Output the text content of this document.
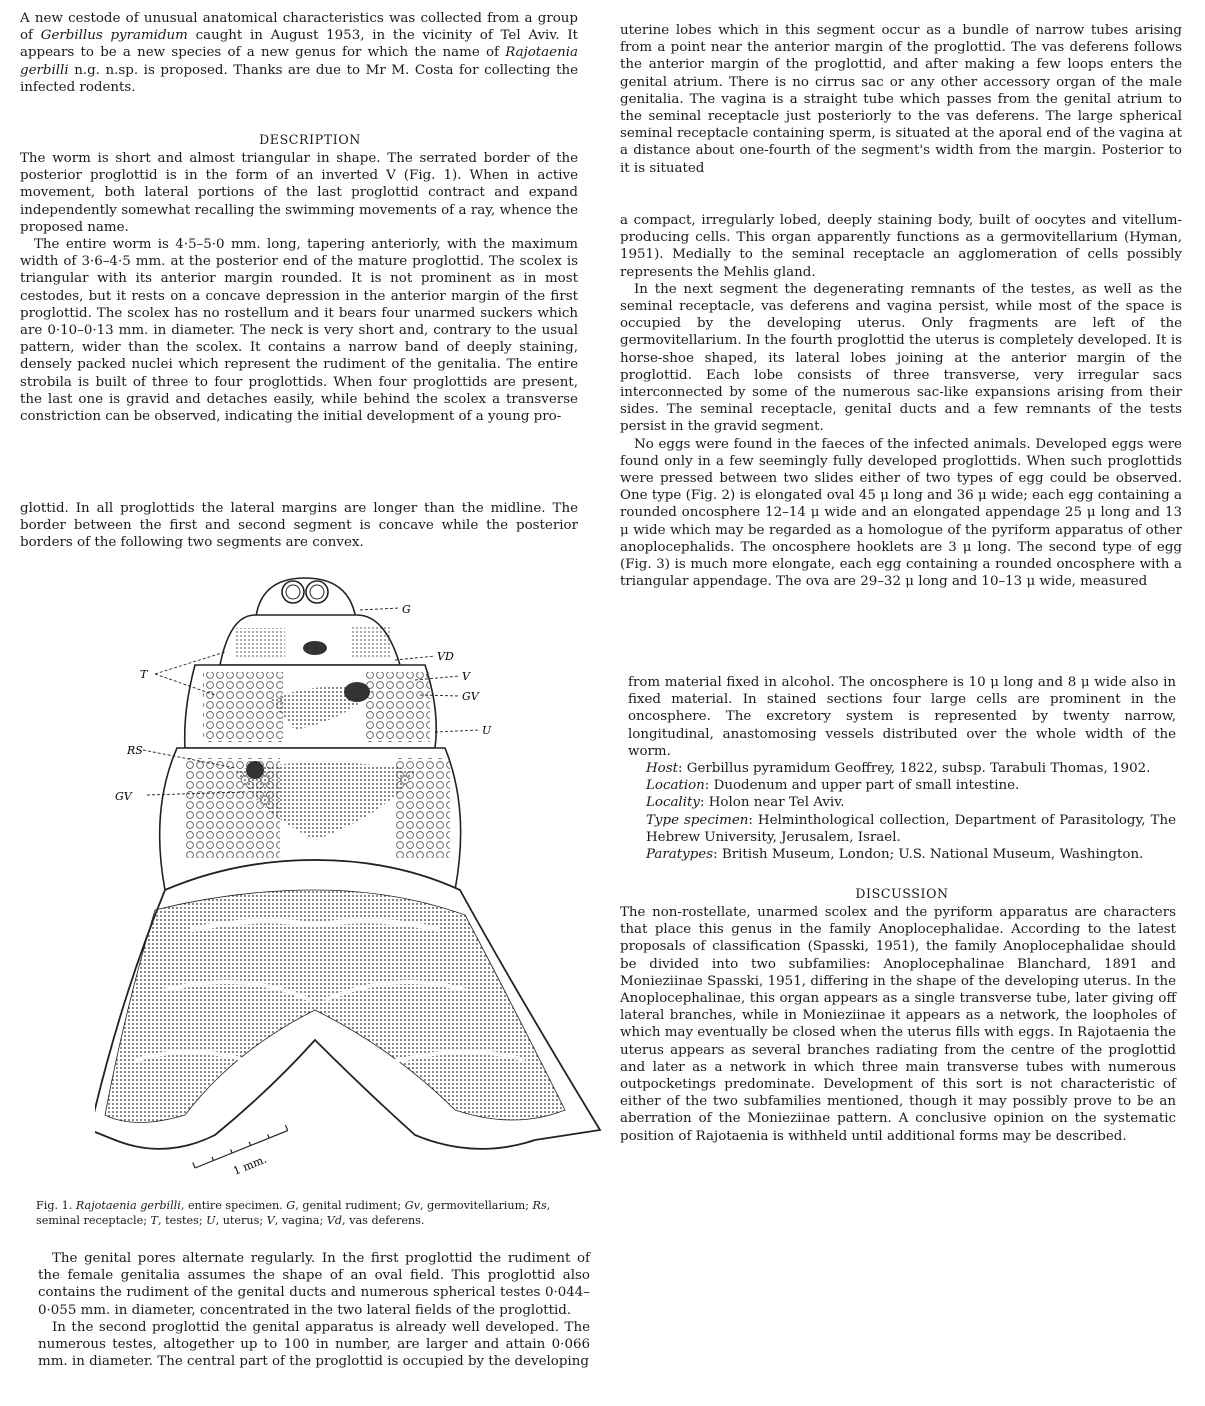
A new cestode of unusual anatomical characteristics was collected from a group of Gerbillus pyramidum caught in August 1953, in the vicinity of Tel Aviv. It appears to be a new species of a new genus for which the name of Rajotaenia gerbilli n.g. n.sp. is proposed. Thanks are due to Mr M. Costa for collecting the infected rodents.

DESCRIPTION

The worm is short and almost triangular in shape. The serrated border of the posterior proglottid is in the form of an inverted V (Fig. 1). When in active movement, both lateral portions of the last proglottid contract and expand independently somewhat recalling the swimming movements of a ray, whence the proposed name.

The entire worm is 4·5–5·0 mm. long, tapering anteriorly, with the maximum width of 3·6–4·5 mm. at the posterior end of the mature proglottid. The scolex is triangular with its anterior margin rounded. It is not prominent as in most cestodes, but it rests on a concave depression in the anterior margin of the first proglottid. The scolex has no rostellum and it bears four unarmed suckers which are 0·10–0·13 mm. in diameter. The neck is very short and, contrary to the usual pattern, wider than the scolex. It contains a narrow band of deeply staining, densely packed nuclei which represent the rudiment of the genitalia. The entire strobila is built of three to four proglottids. When four proglottids are present, the last one is gravid and detaches easily, while behind the scolex a transverse constriction can be observed, indicating the initial development of a young pro-

glottid. In all proglottids the lateral margins are longer than the midline. The border between the first and second segment is concave while the posterior borders of the following two segments are convex.
G
VD
T	V
GV
U
RS
GV
1 mm.
Fig. 1. Rajotaenia gerbilli, entire specimen. G, genital rudiment; Gv, germovitellarium; Rs, seminal receptacle; T, testes; U, uterus; V, vagina; Vd, vas deferens.

The genital pores alternate regularly. In the first proglottid the rudiment of the female genitalia assumes the shape of an oval field. This proglottid also contains the rudiment of the genital ducts and numerous spherical testes 0·044–0·055 mm. in diameter, concentrated in the two lateral fields of the proglottid.

In the second proglottid the genital apparatus is already well developed. The numerous testes, altogether up to 100 in number, are larger and attain 0·066 mm. in diameter. The central part of the proglottid is occupied by the developing

uterine lobes which in this segment occur as a bundle of narrow tubes arising from a point near the anterior margin of the proglottid. The vas deferens follows the anterior margin of the proglottid, and after making a few loops enters the genital atrium. There is no cirrus sac or any other accessory organ of the male genitalia. The vagina is a straight tube which passes from the genital atrium to the seminal receptacle just posteriorly to the vas deferens. The large spherical seminal receptacle containing sperm, is situated at the aporal end of the vagina at a distance about one-fourth of the segment's width from the margin. Posterior to it is situated

a compact, irregularly lobed, deeply staining body, built of oocytes and vitellum-producing cells. This organ apparently functions as a germovitellarium (Hyman, 1951). Medially to the seminal receptacle an agglomeration of cells possibly represents the Mehlis gland.

In the next segment the degenerating remnants of the testes, as well as the seminal receptacle, vas deferens and vagina persist, while most of the space is occupied by the developing uterus. Only fragments are left of the germovitellarium. In the fourth proglottid the uterus is completely developed. It is horse-shoe shaped, its lateral lobes joining at the anterior margin of the proglottid. Each lobe consists of three transverse, very irregular sacs interconnected by some of the numerous sac-like expansions arising from their sides. The seminal receptacle, genital ducts and a few remnants of the tests persist in the gravid segment.

No eggs were found in the faeces of the infected animals. Developed eggs were found only in a few seemingly fully developed proglottids. When such proglottids were pressed between two slides either of two types of egg could be observed. One type (Fig. 2) is elongated oval 45 μ long and 36 μ wide; each egg containing a rounded oncosphere 12–14 μ wide and an elongated appendage 25 μ long and 13 μ wide which may be regarded as a homologue of the pyriform apparatus of other anoplocephalids. The oncosphere hooklets are 3 μ long. The second type of egg (Fig. 3) is much more elongate, each egg containing a rounded oncosphere with a triangular appendage. The ova are 29–32 μ long and 10–13 μ wide, measured

from material fixed in alcohol. The oncosphere is 10 μ long and 8 μ wide also in fixed material. In stained sections four large cells are prominent in the oncosphere. The excretory system is represented by twenty narrow, longitudinal, anastomosing vessels distributed over the whole width of the worm.

Host: Gerbillus pyramidum Geoffrey, 1822, subsp. Tarabuli Thomas, 1902.

Location: Duodenum and upper part of small intestine.

Locality: Holon near Tel Aviv.

Type specimen: Helminthological collection, Department of Parasitology, The Hebrew University, Jerusalem, Israel.

Paratypes: British Museum, London; U.S. National Museum, Washington.

DISCUSSION
The non-rostellate, unarmed scolex and the pyriform apparatus are characters that place this genus in the family Anoplocephalidae. According to the latest proposals of classification (Spasski, 1951), the family Anoplocephalidae should be divided into two subfamilies: Anoplocephalinae Blanchard, 1891 and Monieziinae Spasski, 1951, differing in the shape of the developing uterus. In the Anoplocephalinae, this organ appears as a single transverse tube, later giving off lateral branches, while in Monieziinae it appears as a network, the loopholes of which may eventually be closed when the uterus fills with eggs. In Rajotaenia the uterus appears as several branches radiating from the centre of the proglottid and later as a network in which three main transverse tubes with numerous outpocketings predominate. Development of this sort is not characteristic of either of the two subfamilies mentioned, though it may possibly prove to be an aberration of the Monieziinae pattern. A conclusive opinion on the systematic position of Rajotaenia is withheld until additional forms may be described.
